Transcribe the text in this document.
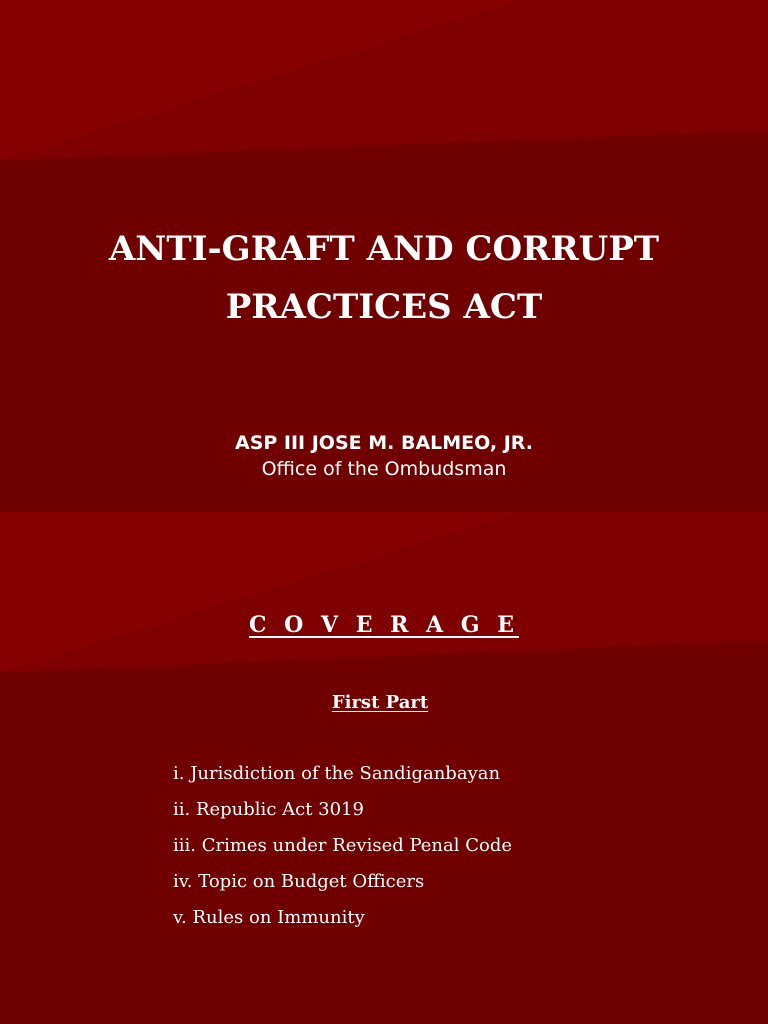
ANTI-GRAFT AND CORRUPT
PRACTICES ACT
ASP III JOSE M. BALMEO, JR.
Office of the Ombudsman
C O V E R A G E
First Part
i. Jurisdiction of the Sandiganbayan
ii. Republic Act 3019
iii. Crimes under Revised Penal Code
iv. Topic on Budget Officers
v. Rules on Immunity
